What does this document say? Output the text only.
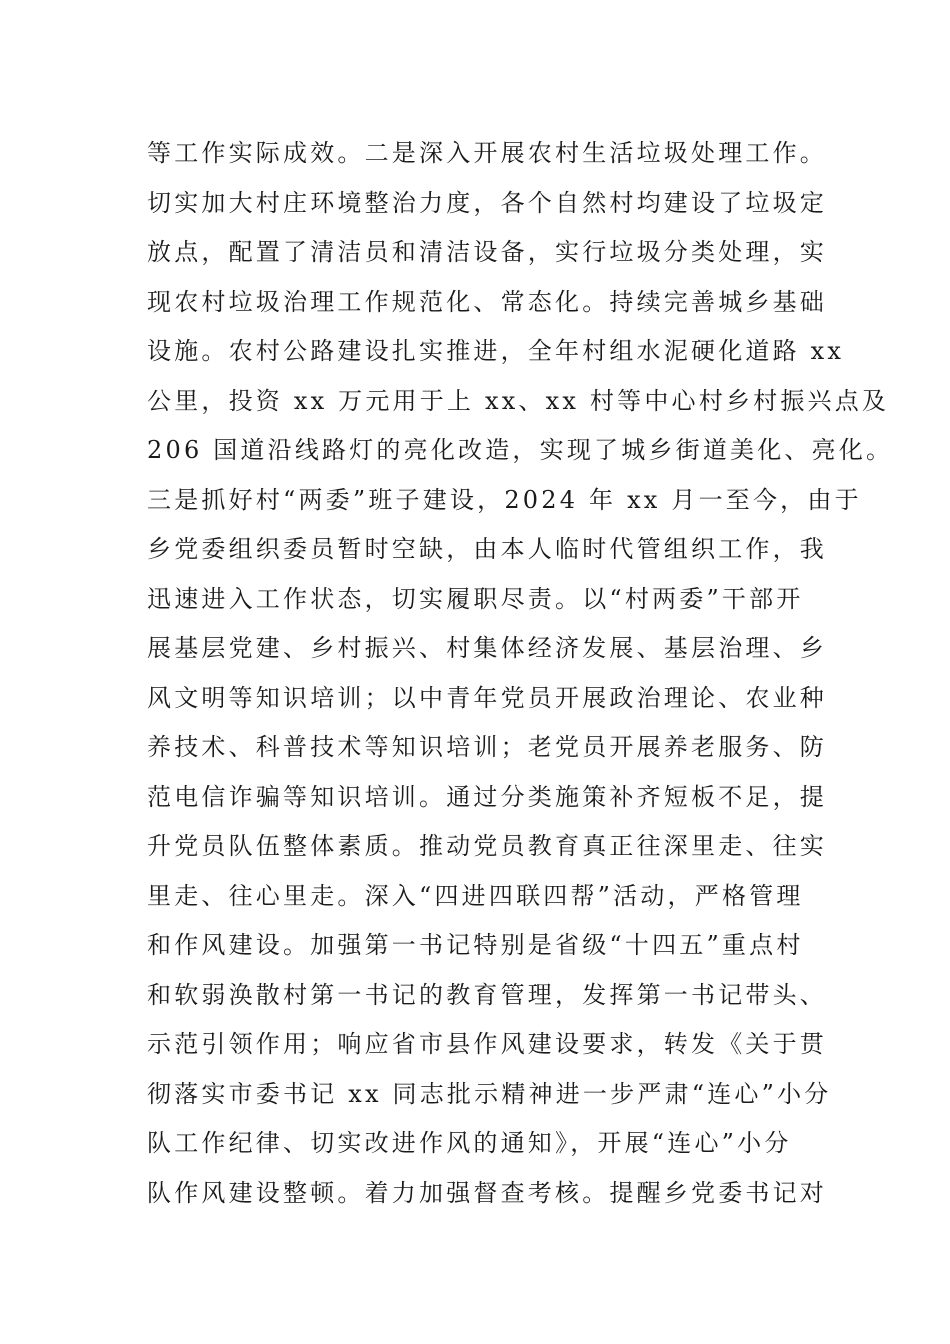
等工作实际成效。二是深入开展农村生活垃圾处理工作。
切实加大村庄环境整治力度，各个自然村均建设了垃圾定
放点，配置了清洁员和清洁设备，实行垃圾分类处理，实
现农村垃圾治理工作规范化、常态化。持续完善城乡基础
设施。农村公路建设扎实推进，全年村组水泥硬化道路 xx
公里，投资 xx 万元用于上 xx、xx 村等中心村乡村振兴点及
206 国道沿线路灯的亮化改造，实现了城乡街道美化、亮化。
三是抓好村“两委”班子建设，2024 年 xx 月一至今，由于
乡党委组织委员暂时空缺，由本人临时代管组织工作，我
迅速进入工作状态，切实履职尽责。以“村两委”干部开
展基层党建、乡村振兴、村集体经济发展、基层治理、乡
风文明等知识培训；以中青年党员开展政治理论、农业种
养技术、科普技术等知识培训；老党员开展养老服务、防
范电信诈骗等知识培训。通过分类施策补齐短板不足，提
升党员队伍整体素质。推动党员教育真正往深里走、往实
里走、往心里走。深入“四进四联四帮”活动，严格管理
和作风建设。加强第一书记特别是省级“十四五”重点村
和软弱涣散村第一书记的教育管理，发挥第一书记带头、
示范引领作用；响应省市县作风建设要求，转发《关于贯
彻落实市委书记 xx 同志批示精神进一步严肃“连心”小分
队工作纪律、切实改进作风的通知》，开展“连心”小分
队作风建设整顿。着力加强督查考核。提醒乡党委书记对
